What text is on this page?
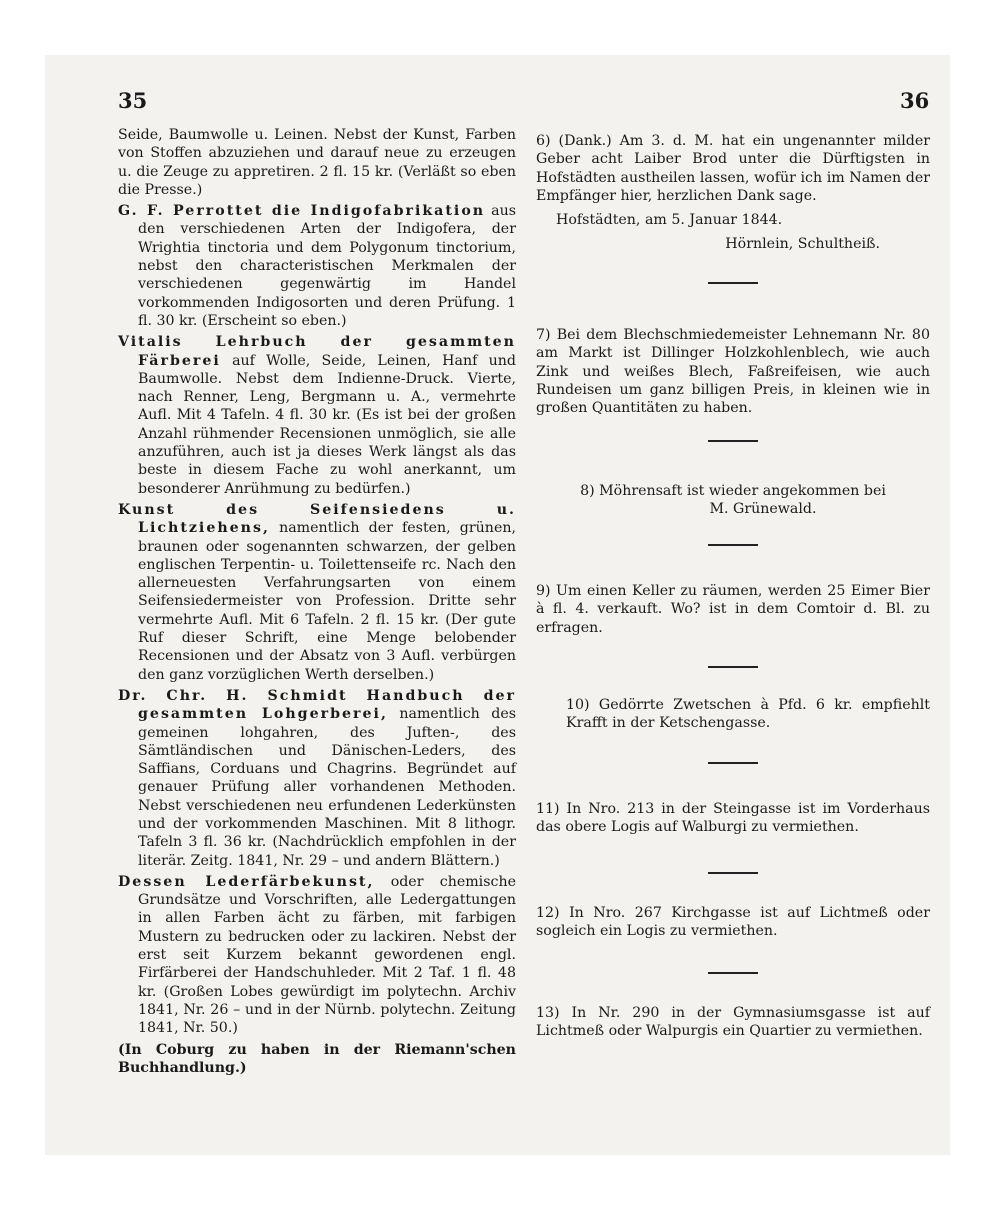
35	36

Seide, Baumwolle u. Leinen. Nebst der Kunst, Farben von Stoffen abzuziehen und darauf neue zu erzeugen u. die Zeuge zu appretiren. 2 fl. 15 kr. (Verläßt so eben die Presse.)

G. F. Perrottet die Indigofabrikation aus den verschiedenen Arten der Indigofera, der Wrightia tinctoria und dem Polygonum tinctorium, nebst den characteristischen Merkmalen der verschiedenen gegenwärtig im Handel vorkommenden Indigosorten und deren Prüfung. 1 fl. 30 kr. (Erscheint so eben.)

Vitalis Lehrbuch der gesammten Färberei auf Wolle, Seide, Leinen, Hanf und Baumwolle. Nebst dem Indienne-Druck. Vierte, nach Renner, Leng, Bergmann u. A., vermehrte Aufl. Mit 4 Tafeln. 4 fl. 30 kr. (Es ist bei der großen Anzahl rühmender Recensionen unmöglich, sie alle anzuführen, auch ist ja dieses Werk längst als das beste in diesem Fache zu wohl anerkannt, um besonderer Anrühmung zu bedürfen.)

Kunst des Seifensiedens u. Lichtziehens, namentlich der festen, grünen, braunen oder sogenannten schwarzen, der gelben englischen Terpentin- u. Toilettenseife rc. Nach den allerneuesten Verfahrungsarten von einem Seifensiedermeister von Profession. Dritte sehr vermehrte Aufl. Mit 6 Tafeln. 2 fl. 15 kr. (Der gute Ruf dieser Schrift, eine Menge belobender Recensionen und der Absatz von 3 Aufl. verbürgen den ganz vorzüglichen Werth derselben.)

Dr. Chr. H. Schmidt Handbuch der gesammten Lohgerberei, namentlich des gemeinen lohgahren, des Juften-, des Sämtländischen und Dänischen-Leders, des Saffians, Corduans und Chagrins. Begründet auf genauer Prüfung aller vorhandenen Methoden. Nebst verschiedenen neu erfundenen Lederkünsten und der vorkommenden Maschinen. Mit 8 lithogr. Tafeln 3 fl. 36 kr. (Nachdrücklich empfohlen in der literär. Zeitg. 1841, Nr. 29 – und andern Blättern.)

Dessen Lederfärbekunst, oder chemische Grundsätze und Vorschriften, alle Ledergattungen in allen Farben ächt zu färben, mit farbigen Mustern zu bedrucken oder zu lackiren. Nebst der erst seit Kurzem bekannt gewordenen engl. Firfärberei der Handschuhleder. Mit 2 Taf. 1 fl. 48 kr. (Großen Lobes gewürdigt im polytechn. Archiv 1841, Nr. 26 – und in der Nürnb. polytechn. Zeitung 1841, Nr. 50.)

(In Coburg zu haben in der Riemann'schen Buchhandlung.)

6) (Dank.) Am 3. d. M. hat ein ungenannter milder Geber acht Laiber Brod unter die Dürftigsten in Hofstädten austheilen lassen, wofür ich im Namen der Empfänger hier, herzlichen Dank sage.
Hofstädten, am 5. Januar 1844.
Hörnlein, Schultheiß.
7) Bei dem Blechschmiedemeister Lehnemann Nr. 80 am Markt ist Dillinger Holzkohlenblech, wie auch Zink und weißes Blech, Faßreifeisen, wie auch Rundeisen um ganz billigen Preis, in kleinen wie in großen Quantitäten zu haben.
8) Möhrensaft ist wieder angekommen bei
M. Grünewald.
9) Um einen Keller zu räumen, werden 25 Eimer Bier à fl. 4. verkauft. Wo? ist in dem Comtoir d. Bl. zu erfragen.
10) Gedörrte Zwetschen à Pfd. 6 kr. empfiehlt Krafft in der Ketschengasse.
11) In Nro. 213 in der Steingasse ist im Vorderhaus das obere Logis auf Walburgi zu vermiethen.
12) In Nro. 267 Kirchgasse ist auf Lichtmeß oder sogleich ein Logis zu vermiethen.
13) In Nr. 290 in der Gymnasiumsgasse ist auf Lichtmeß oder Walpurgis ein Quartier zu vermiethen.
